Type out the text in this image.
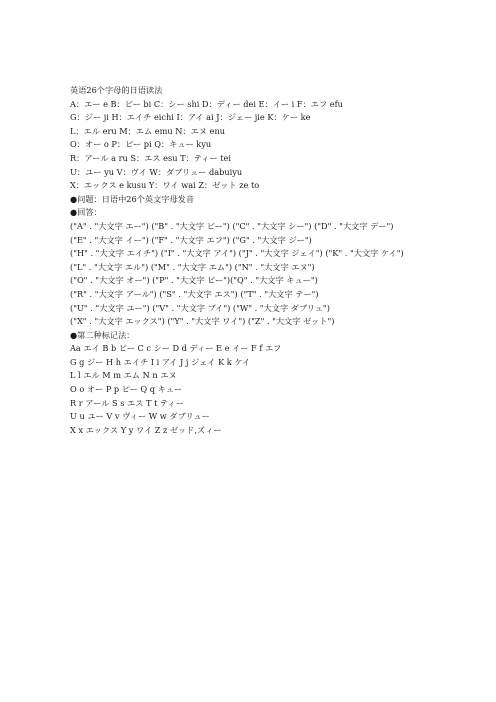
英语26个字母的日语读法
A：エー e B：ビー bi C：シー shi D：ディー dei E：イー i F：エフ efu
G：ジー ji H：エイチ eichi I：アイ ai J：ジェー jie K：ケー ke
L：エル eru M：エム emu N：エヌ enu
O：オー o P：ピー pi Q：キュー kyu
R：アール a ru S：エス esu T：ティー tei
U：ユー yu V：ヴイ W：ダブリュー dabuiyu
X：エックス e kusu Y：ワイ wai Z：ゼット ze to
●问题：日语中26个英文字母发音
●回答：
("A" . "大文字 エー") ("B" . "大文字 ビー") ("C" . "大文字 シー") ("D" . "大文字 デー")
("E" . "大文字 イー") ("F" . "大文字 エフ") ("G" . "大文字 ジー")
("H" . "大文字 エイチ") ("I" . "大文字 アイ") ("J" . "大文字 ジェイ") ("K" . "大文字 ケイ")
("L" . "大文字 エル") ("M" . "大文字 エム") ("N" . "大文字 エヌ")
("O" . "大文字 オー") ("P" . "大文字 ピー")("Q" . "大文字 キュー")
("R" . "大文字 アール") ("S" . "大文字 エス") ("T" . "大文字 テー")
("U" . "大文字 ユー") ("V" . "大文字 ブイ") ("W" . "大文字 ダブリュ")
("X" . "大文字 エックス") ("Y" . "大文字 ワイ") ("Z" . "大文字 ゼット")
●第二种标记法：
Aa エイ B b ビー C c シー D d ディー E e イー F f エフ
G g ジー H h エイチ I i アイ J j ジェイ K k ケイ
L l エル M m エム N n エヌ
O o オー P p ピー Q q キュー
R r アール S s エス T t ティー
U u ユー V v ヴィー W w ダブリュー
X x エックス Y y ワイ Z z ゼッド,ズィー
